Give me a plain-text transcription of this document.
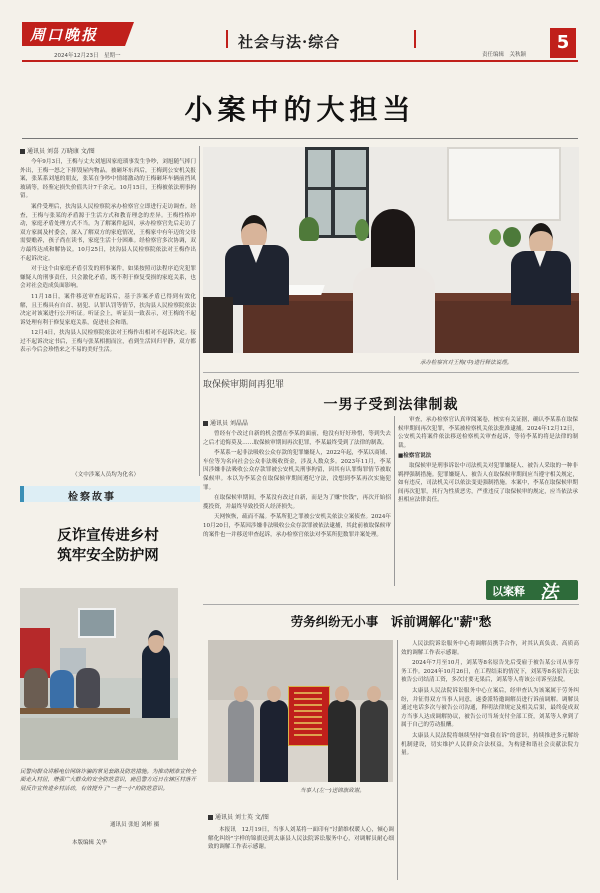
周口晚报
2024年12月23日　星期一
社会与法·综合
责任编辑　关秋颖
5
小案中的大担当
通讯员 刘喜 万晓康 文/图

今年9月3日，王梅与丈夫刘旭因家庭琐事发生争吵，刘旭随气摔门外出，王梅一怒之下摔毁屋内物品。被砸坏东西后，王梅到公安机关报案，张某系刘旭的朋友，张某在争吵中情绪激动的王梅砸坏车辆前挡风玻璃等，经鉴定损失价值共计7千余元。10月15日，王梅被依法刑事拘留。

案件受理后，扶沟县人民检察院承办检察官立即进行走访调查。经查，王梅与张某的矛盾源于生活方式和教育理念的差异。王梅性格冲动，家庭矛盾处理方式不当。为了解案件起因，承办检察官先后走访了双方家属及村委会，深入了解双方的家庭情况，王梅家中有年迈的父母需要赡养，孩子尚在读书，家庭生活十分困难。经检察官多次协调，双方最终达成和解协议。10月25日，扶沟县人民检察院依法对王梅作出不起诉决定。

对于这个由家庭矛盾引发的刑事案件，如果按照司法程序追究犯罪嫌疑人的刑事责任，只会激化矛盾，既不利于修复受损的家庭关系，也会对社会造成负面影响。

11月18日，案件移送审查起诉后，基于涉案矛盾已得到有效化解，且王梅具有自首、初犯、认罪认罚等情节，扶沟县人民检察院依法决定对该案进行公开听证。听证会上，听证员一致表示，对王梅的不起诉处理有利于修复家庭关系，促进社会和谐。

12月4日，扶沟县人民检察院依法对王梅作出相对不起诉决定。接过不起诉决定书后，王梅与张某相拥而泣，看到生活回归平静，双方都表示今后会珍惜来之不易的美好生活。

（文中涉案人员均为化名）
承办检察官对王梅(中)进行释法说理。
取保候审期间再犯罪
一男子受到法律制裁
通讯员 刘晶晶

曾经有个改过自新的机会摆在李某的面前，他没有好好珍惜，等到失去之后才追悔莫及……取保候审期间再次犯罪，李某最终受到了法律的制裁。

李某系一起非法吸收公众存款的犯罪嫌疑人，2022年起，李某以商铺、车位等为名向社会公众非法吸收资金，涉及人数众多。2023年11月，李某因涉嫌非法吸收公众存款罪被公安机关刑事拘留，因其有认罪悔罪情节被取保候审。本以为李某会在取保候审期间遵纪守法，没想到李某再次实施犯罪。

在取保候审期间，李某没有改过自新，而是为了赚"快钱"，再次开始招揽投资，并最终导致投资人经济损失。

天网恢恢，疏而不漏。李某所犯之罪被公安机关依法立案侦查。2024年10月20日，李某因涉嫌非法吸收公众存款罪被依法逮捕，其此前被取保候审的案件也一并移送审查起诉，承办检察官依法对李某所犯数罪并案处理。

审查，承办检察官认真审阅案卷，核实有关证据，确认李某系在取保候审期间再次犯罪，李某被检察机关依法批准逮捕。2024年12月12日，公安机关将案件依法移送检察机关审查起诉，等待李某的将是法律的制裁。

■检察官说法

取保候审是刑事诉讼中司法机关对犯罪嫌疑人、被告人采取的一种非羁押强制措施。犯罪嫌疑人、被告人在取保候审期间应当遵守相关规定，如有违反，司法机关可以依法变更强制措施。本案中，李某在取保候审期间再次犯罪，其行为性质恶劣，严重违反了取保候审的规定，应当依法承担相应法律责任。

以案释 法
劳务纠纷无小事　诉前调解化"薪"愁
当事人(左一)送锦旗致谢。
通讯员 刘士英 文/图

本报讯　12月19日，当事人刘某将一面印有"讨薪维权暖人心，倾心调解化纠纷"字样的锦旗送到太康县人民法院诉讼服务中心，对调解员耐心细致的调解工作表示感谢。

人民法院诉讼服务中心将调解员携手合作，对其认真负责、高质高效的调解工作表示感谢。

2024年7月至10月，刘某等8名原告先后受雇于被告某公司从事劳务工作。2024年10月26日，在工程结束的情况下，刘某等8名原告无法被告公司结清工资，多次讨要无果后，刘某等人将该公司诉至法院。

太康县人民法院诉讼服务中心立案后，经审查认为该案属于劳务纠纷，并征得双方当事人同意，遂委派特邀调解员进行诉前调解。调解员通过电话多次与被告公司沟通，释明法律规定及相关后果，最终促成双方当事人达成调解协议，被告公司当场支付全部工资，刘某等人拿到了属于自己的劳动报酬。

太康县人民法院将继续坚持"如我在诉"的意识，持续推进多元解纷机制建设，切实维护人民群众合法权益，为构建和谐社会贡献法院力量。

检察故事
反诈宣传进乡村
筑牢安全防护网
民警向群众讲解电信网络诈骗的常见套路及防范措施。为推动精准宣传全面走入村居，增强广大群众的安全防范意识，鹿邑警方近日在辖区村落开展反诈宣传进乡村活动，有效提升了"一老一小"的防范意识。
通讯员 张旭 刘彬 摄
本版编辑 关华
